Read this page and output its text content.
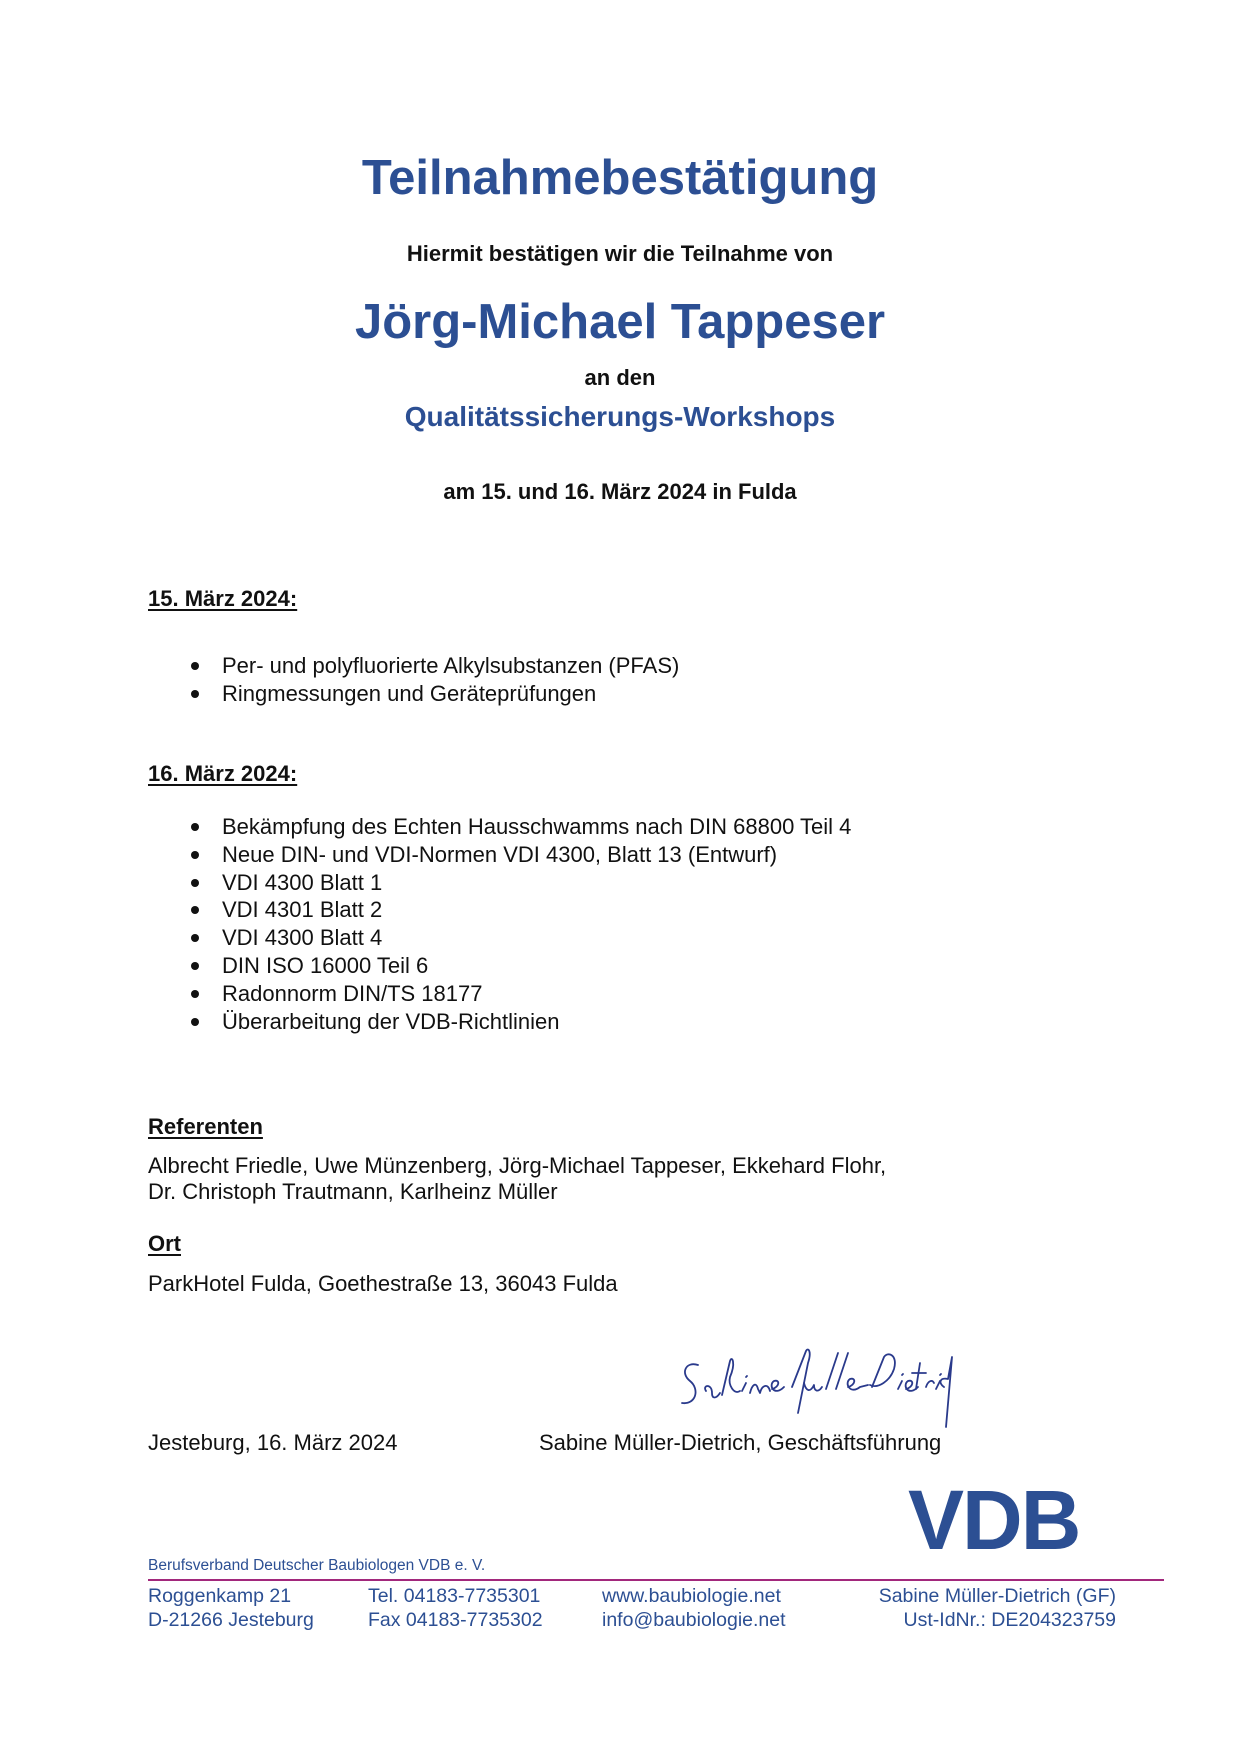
Teilnahmebestätigung
Hiermit bestätigen wir die Teilnahme von
Jörg-Michael Tappeser
an den
Qualitätssicherungs-Workshops
am 15. und 16. März 2024 in Fulda
15. März 2024:
Per- und polyfluorierte Alkylsubstanzen (PFAS)
Ringmessungen und Geräteprüfungen
16. März 2024:
Bekämpfung des Echten Hausschwamms nach DIN 68800 Teil 4
Neue DIN- und VDI-Normen VDI 4300, Blatt 13 (Entwurf)
VDI 4300 Blatt 1
VDI 4301 Blatt 2
VDI 4300 Blatt 4
DIN ISO 16000 Teil 6
Radonnorm DIN/TS 18177
Überarbeitung der VDB-Richtlinien
Referenten
Albrecht Friedle, Uwe Münzenberg, Jörg-Michael Tappeser, Ekkehard Flohr,
Dr. Christoph Trautmann, Karlheinz Müller
Ort
ParkHotel Fulda, Goethestraße 13, 36043 Fulda
Jesteburg, 16. März 2024	Sabine Müller-Dietrich, Geschäftsführung
VDB
Berufsverband Deutscher Baubiologen VDB e. V.
Roggenkamp 21
D-21266 Jesteburg
Tel. 04183-7735301
Fax 04183-7735302
www.baubiologie.net
info@baubiologie.net
Sabine Müller-Dietrich (GF)
Ust-IdNr.: DE204323759
